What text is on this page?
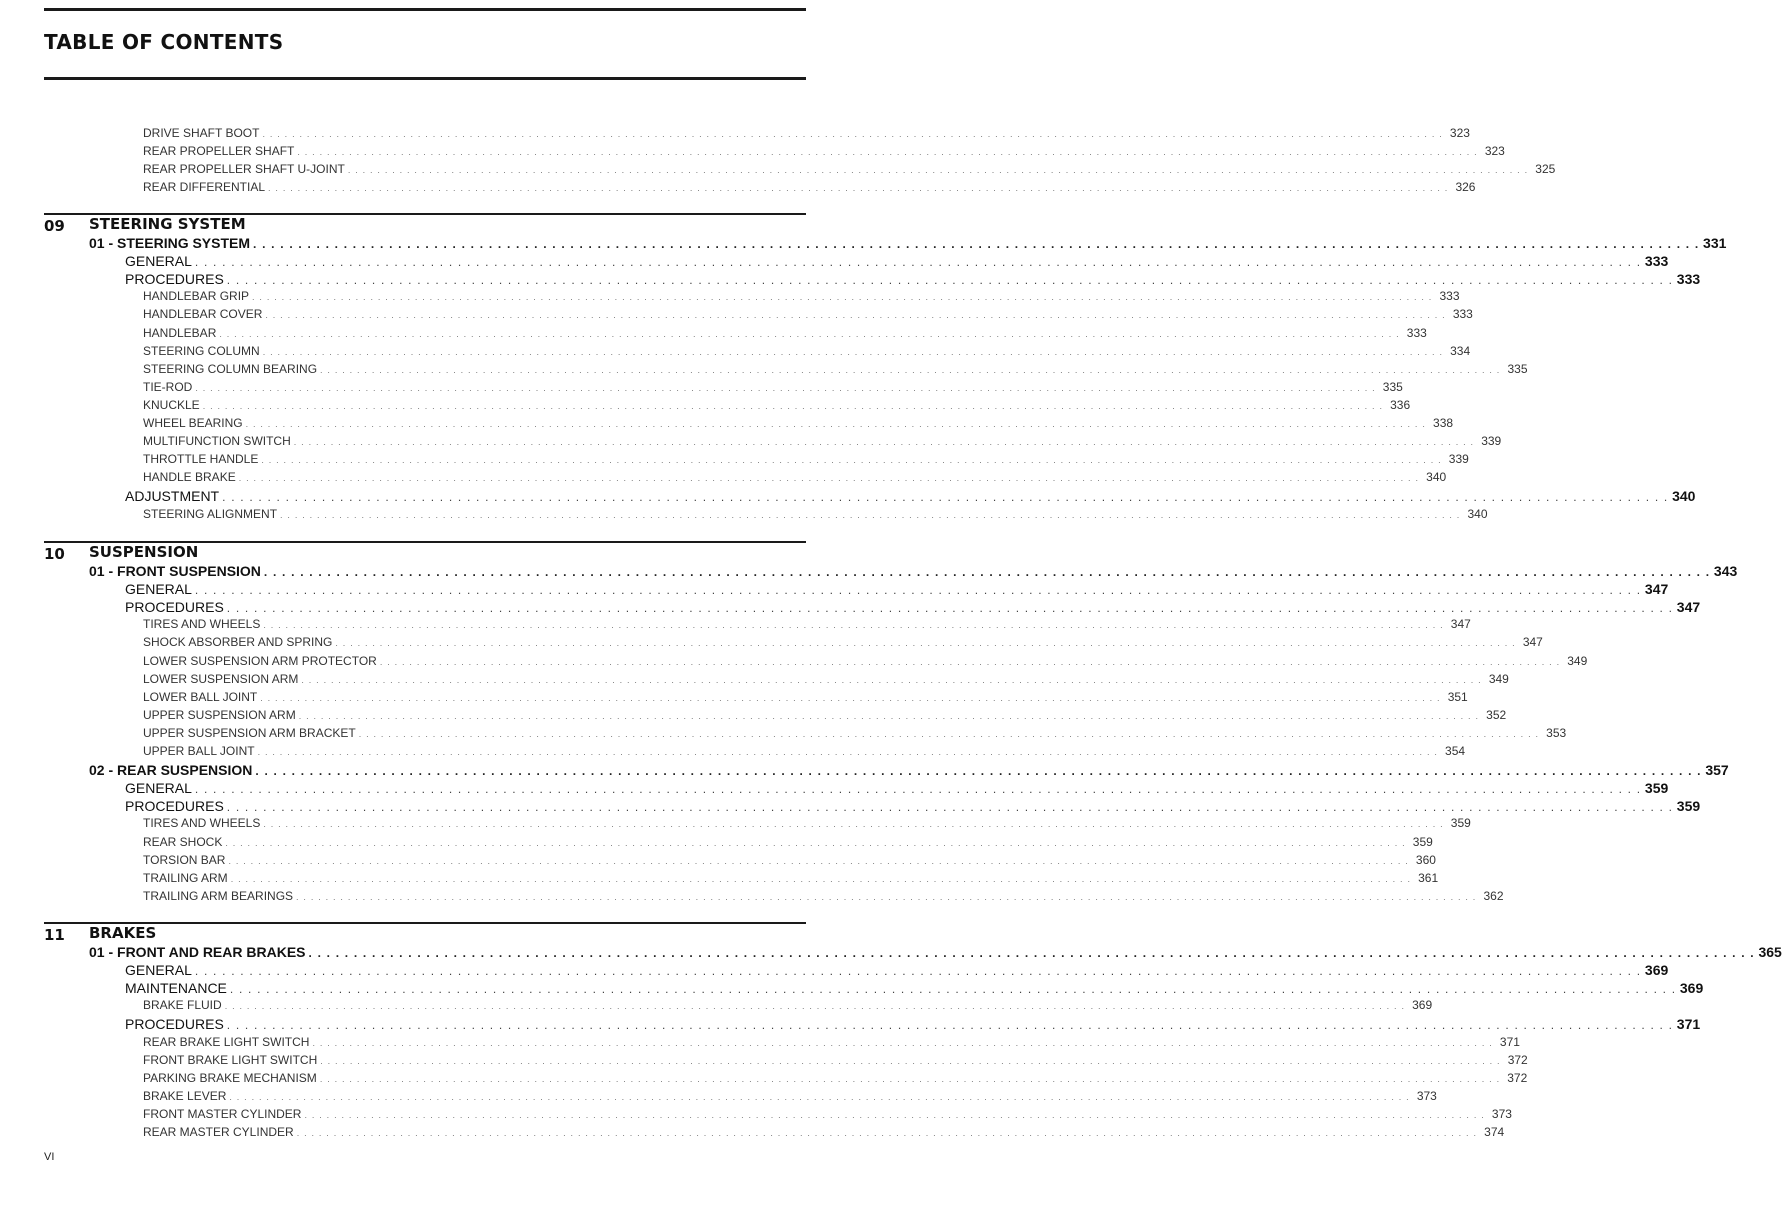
TABLE OF CONTENTS
DRIVE SHAFT BOOT . . . . . . . . . . . . . . . . . . . . . . . . . . . . . . . . . . . . . . . . . . . . . . . . . . . . . . . . . . . . . . . . . . . . . . . . . . . . . . . . . . . . . . . . . . . . . . . . . . . . . . . . . . . . . . . . . . . . . . . . . . . . . . . . . . . . . . . . . . . . . . . . . . . . . . . . . . . . . . . . 323
REAR PROPELLER SHAFT . . . . . . . . . . . . . . . . . . . . . . . . . . . . . . . . . . . . . . . . . . . . . . . . . . . . . . . . . . . . . . . . . . . . . . . . . . . . . . . . . . . . . . . . . . . . . . . . . . . . . . . . . . . . . . . . . . . . . . . . . . . . . . . . . . . . . . . . . . . . . . . . . . . . . . . . . . . . . . . . 323
REAR PROPELLER SHAFT U-JOINT . . . . . . . . . . . . . . . . . . . . . . . . . . . . . . . . . . . . . . . . . . . . . . . . . . . . . . . . . . . . . . . . . . . . . . . . . . . . . . . . . . . . . . . . . . . . . . . . . . . . . . . . . . . . . . . . . . . . . . . . . . . . . . . . . . . . . . . . . . . . . . . . . . . . . . . . . . . . . . . . 325
REAR DIFFERENTIAL . . . . . . . . . . . . . . . . . . . . . . . . . . . . . . . . . . . . . . . . . . . . . . . . . . . . . . . . . . . . . . . . . . . . . . . . . . . . . . . . . . . . . . . . . . . . . . . . . . . . . . . . . . . . . . . . . . . . . . . . . . . . . . . . . . . . . . . . . . . . . . . . . . . . . . . . . . . . . . . . 326
09 STEERING SYSTEM
01 - STEERING SYSTEM . . . . . . . . . . . . . . . . . . . . . . . . . . . . . . . . . . . . . . . . . . . . . . . . . . . . . . . . . . . . . . . . . . . . . . . . . . . . . . . . . . . . . . . . . . . . . . . . . . . . . . . . . . . . . . . . . . . . . . . . . . . . . . . . . . . . . . . . . . . . . . . . . . . . . . . . . . . . . . . . 331
GENERAL . . . . . . . . . . . . . . . . . . . . . . . . . . . . . . . . . . . . . . . . . . . . . . . . . . . . . . . . . . . . . . . . . . . . . . . . . . . . . . . . . . . . . . . . . . . . . . . . . . . . . . . . . . . . . . . . . . . . . . . . . . . . . . . . . . . . . . . . . . . . . . . . . . . . . . . . . . . . . . . . 333
PROCEDURES . . . . . . . . . . . . . . . . . . . . . . . . . . . . . . . . . . . . . . . . . . . . . . . . . . . . . . . . . . . . . . . . . . . . . . . . . . . . . . . . . . . . . . . . . . . . . . . . . . . . . . . . . . . . . . . . . . . . . . . . . . . . . . . . . . . . . . . . . . . . . . . . . . . . . . . . . . . . . . . . 333
HANDLEBAR GRIP . . . . . . . . . . . . . . . . . . . . . . . . . . . . . . . . . . . . . . . . . . . . . . . . . . . . . . . . . . . . . . . . . . . . . . . . . . . . . . . . . . . . . . . . . . . . . . . . . . . . . . . . . . . . . . . . . . . . . . . . . . . . . . . . . . . . . . . . . . . . . . . . . . . . . . . . . . . . . . . . 333
HANDLEBAR COVER . . . . . . . . . . . . . . . . . . . . . . . . . . . . . . . . . . . . . . . . . . . . . . . . . . . . . . . . . . . . . . . . . . . . . . . . . . . . . . . . . . . . . . . . . . . . . . . . . . . . . . . . . . . . . . . . . . . . . . . . . . . . . . . . . . . . . . . . . . . . . . . . . . . . . . . . . . . . . . . . 333
HANDLEBAR . . . . . . . . . . . . . . . . . . . . . . . . . . . . . . . . . . . . . . . . . . . . . . . . . . . . . . . . . . . . . . . . . . . . . . . . . . . . . . . . . . . . . . . . . . . . . . . . . . . . . . . . . . . . . . . . . . . . . . . . . . . . . . . . . . . . . . . . . . . . . . . . . . . . . . . . . . . . . . . . 333
STEERING COLUMN . . . . . . . . . . . . . . . . . . . . . . . . . . . . . . . . . . . . . . . . . . . . . . . . . . . . . . . . . . . . . . . . . . . . . . . . . . . . . . . . . . . . . . . . . . . . . . . . . . . . . . . . . . . . . . . . . . . . . . . . . . . . . . . . . . . . . . . . . . . . . . . . . . . . . . . . . . . . . . . . 334
STEERING COLUMN BEARING . . . . . . . . . . . . . . . . . . . . . . . . . . . . . . . . . . . . . . . . . . . . . . . . . . . . . . . . . . . . . . . . . . . . . . . . . . . . . . . . . . . . . . . . . . . . . . . . . . . . . . . . . . . . . . . . . . . . . . . . . . . . . . . . . . . . . . . . . . . . . . . . . . . . . . . . . . . . . . . . 335
TIE-ROD . . . . . . . . . . . . . . . . . . . . . . . . . . . . . . . . . . . . . . . . . . . . . . . . . . . . . . . . . . . . . . . . . . . . . . . . . . . . . . . . . . . . . . . . . . . . . . . . . . . . . . . . . . . . . . . . . . . . . . . . . . . . . . . . . . . . . . . . . . . . . . . . . . . . . . . . . . . . . . . . 335
KNUCKLE . . . . . . . . . . . . . . . . . . . . . . . . . . . . . . . . . . . . . . . . . . . . . . . . . . . . . . . . . . . . . . . . . . . . . . . . . . . . . . . . . . . . . . . . . . . . . . . . . . . . . . . . . . . . . . . . . . . . . . . . . . . . . . . . . . . . . . . . . . . . . . . . . . . . . . . . . . . . . . . . 336
WHEEL BEARING . . . . . . . . . . . . . . . . . . . . . . . . . . . . . . . . . . . . . . . . . . . . . . . . . . . . . . . . . . . . . . . . . . . . . . . . . . . . . . . . . . . . . . . . . . . . . . . . . . . . . . . . . . . . . . . . . . . . . . . . . . . . . . . . . . . . . . . . . . . . . . . . . . . . . . . . . . . . . . . . 338
MULTIFUNCTION SWITCH . . . . . . . . . . . . . . . . . . . . . . . . . . . . . . . . . . . . . . . . . . . . . . . . . . . . . . . . . . . . . . . . . . . . . . . . . . . . . . . . . . . . . . . . . . . . . . . . . . . . . . . . . . . . . . . . . . . . . . . . . . . . . . . . . . . . . . . . . . . . . . . . . . . . . . . . . . . . . . . . 339
THROTTLE HANDLE . . . . . . . . . . . . . . . . . . . . . . . . . . . . . . . . . . . . . . . . . . . . . . . . . . . . . . . . . . . . . . . . . . . . . . . . . . . . . . . . . . . . . . . . . . . . . . . . . . . . . . . . . . . . . . . . . . . . . . . . . . . . . . . . . . . . . . . . . . . . . . . . . . . . . . . . . . . . . . . . 339
HANDLE BRAKE . . . . . . . . . . . . . . . . . . . . . . . . . . . . . . . . . . . . . . . . . . . . . . . . . . . . . . . . . . . . . . . . . . . . . . . . . . . . . . . . . . . . . . . . . . . . . . . . . . . . . . . . . . . . . . . . . . . . . . . . . . . . . . . . . . . . . . . . . . . . . . . . . . . . . . . . . . . . . . . . 340
ADJUSTMENT . . . . . . . . . . . . . . . . . . . . . . . . . . . . . . . . . . . . . . . . . . . . . . . . . . . . . . . . . . . . . . . . . . . . . . . . . . . . . . . . . . . . . . . . . . . . . . . . . . . . . . . . . . . . . . . . . . . . . . . . . . . . . . . . . . . . . . . . . . . . . . . . . . . . . . . . . . . . . . . . 340
STEERING ALIGNMENT . . . . . . . . . . . . . . . . . . . . . . . . . . . . . . . . . . . . . . . . . . . . . . . . . . . . . . . . . . . . . . . . . . . . . . . . . . . . . . . . . . . . . . . . . . . . . . . . . . . . . . . . . . . . . . . . . . . . . . . . . . . . . . . . . . . . . . . . . . . . . . . . . . . . . . . . . . . . . . . . 340
10 SUSPENSION
01 - FRONT SUSPENSION . . . . . . . . . . . . . . . . . . . . . . . . . . . . . . . . . . . . . . . . . . . . . . . . . . . . . . . . . . . . . . . . . . . . . . . . . . . . . . . . . . . . . . . . . . . . . . . . . . . . . . . . . . . . . . . . . . . . . . . . . . . . . . . . . . . . . . . . . . . . . . . . . . . . . . . . . . . . . . . . 343
GENERAL . . . . . . . . . . . . . . . . . . . . . . . . . . . . . . . . . . . . . . . . . . . . . . . . . . . . . . . . . . . . . . . . . . . . . . . . . . . . . . . . . . . . . . . . . . . . . . . . . . . . . . . . . . . . . . . . . . . . . . . . . . . . . . . . . . . . . . . . . . . . . . . . . . . . . . . . . . . . . . . . 347
PROCEDURES . . . . . . . . . . . . . . . . . . . . . . . . . . . . . . . . . . . . . . . . . . . . . . . . . . . . . . . . . . . . . . . . . . . . . . . . . . . . . . . . . . . . . . . . . . . . . . . . . . . . . . . . . . . . . . . . . . . . . . . . . . . . . . . . . . . . . . . . . . . . . . . . . . . . . . . . . . . . . . . . 347
TIRES AND WHEELS . . . . . . . . . . . . . . . . . . . . . . . . . . . . . . . . . . . . . . . . . . . . . . . . . . . . . . . . . . . . . . . . . . . . . . . . . . . . . . . . . . . . . . . . . . . . . . . . . . . . . . . . . . . . . . . . . . . . . . . . . . . . . . . . . . . . . . . . . . . . . . . . . . . . . . . . . . . . . . . . 347
SHOCK ABSORBER AND SPRING . . . . . . . . . . . . . . . . . . . . . . . . . . . . . . . . . . . . . . . . . . . . . . . . . . . . . . . . . . . . . . . . . . . . . . . . . . . . . . . . . . . . . . . . . . . . . . . . . . . . . . . . . . . . . . . . . . . . . . . . . . . . . . . . . . . . . . . . . . . . . . . . . . . . . . . . . . . . . . . . 347
LOWER SUSPENSION ARM PROTECTOR . . . . . . . . . . . . . . . . . . . . . . . . . . . . . . . . . . . . . . . . . . . . . . . . . . . . . . . . . . . . . . . . . . . . . . . . . . . . . . . . . . . . . . . . . . . . . . . . . . . . . . . . . . . . . . . . . . . . . . . . . . . . . . . . . . . . . . . . . . . . . . . . . . . . . . . . . . . . . . . . 349
LOWER SUSPENSION ARM . . . . . . . . . . . . . . . . . . . . . . . . . . . . . . . . . . . . . . . . . . . . . . . . . . . . . . . . . . . . . . . . . . . . . . . . . . . . . . . . . . . . . . . . . . . . . . . . . . . . . . . . . . . . . . . . . . . . . . . . . . . . . . . . . . . . . . . . . . . . . . . . . . . . . . . . . . . . . . . . 349
LOWER BALL JOINT . . . . . . . . . . . . . . . . . . . . . . . . . . . . . . . . . . . . . . . . . . . . . . . . . . . . . . . . . . . . . . . . . . . . . . . . . . . . . . . . . . . . . . . . . . . . . . . . . . . . . . . . . . . . . . . . . . . . . . . . . . . . . . . . . . . . . . . . . . . . . . . . . . . . . . . . . . . . . . . . 351
UPPER SUSPENSION ARM . . . . . . . . . . . . . . . . . . . . . . . . . . . . . . . . . . . . . . . . . . . . . . . . . . . . . . . . . . . . . . . . . . . . . . . . . . . . . . . . . . . . . . . . . . . . . . . . . . . . . . . . . . . . . . . . . . . . . . . . . . . . . . . . . . . . . . . . . . . . . . . . . . . . . . . . . . . . . . . . 352
UPPER SUSPENSION ARM BRACKET . . . . . . . . . . . . . . . . . . . . . . . . . . . . . . . . . . . . . . . . . . . . . . . . . . . . . . . . . . . . . . . . . . . . . . . . . . . . . . . . . . . . . . . . . . . . . . . . . . . . . . . . . . . . . . . . . . . . . . . . . . . . . . . . . . . . . . . . . . . . . . . . . . . . . . . . . . . . . . . . 353
UPPER BALL JOINT . . . . . . . . . . . . . . . . . . . . . . . . . . . . . . . . . . . . . . . . . . . . . . . . . . . . . . . . . . . . . . . . . . . . . . . . . . . . . . . . . . . . . . . . . . . . . . . . . . . . . . . . . . . . . . . . . . . . . . . . . . . . . . . . . . . . . . . . . . . . . . . . . . . . . . . . . . . . . . . . 354
02 - REAR SUSPENSION . . . . . . . . . . . . . . . . . . . . . . . . . . . . . . . . . . . . . . . . . . . . . . . . . . . . . . . . . . . . . . . . . . . . . . . . . . . . . . . . . . . . . . . . . . . . . . . . . . . . . . . . . . . . . . . . . . . . . . . . . . . . . . . . . . . . . . . . . . . . . . . . . . . . . . . . . . . . . . . . 357
GENERAL . . . . . . . . . . . . . . . . . . . . . . . . . . . . . . . . . . . . . . . . . . . . . . . . . . . . . . . . . . . . . . . . . . . . . . . . . . . . . . . . . . . . . . . . . . . . . . . . . . . . . . . . . . . . . . . . . . . . . . . . . . . . . . . . . . . . . . . . . . . . . . . . . . . . . . . . . . . . . . . . 359
PROCEDURES . . . . . . . . . . . . . . . . . . . . . . . . . . . . . . . . . . . . . . . . . . . . . . . . . . . . . . . . . . . . . . . . . . . . . . . . . . . . . . . . . . . . . . . . . . . . . . . . . . . . . . . . . . . . . . . . . . . . . . . . . . . . . . . . . . . . . . . . . . . . . . . . . . . . . . . . . . . . . . . . 359
TIRES AND WHEELS . . . . . . . . . . . . . . . . . . . . . . . . . . . . . . . . . . . . . . . . . . . . . . . . . . . . . . . . . . . . . . . . . . . . . . . . . . . . . . . . . . . . . . . . . . . . . . . . . . . . . . . . . . . . . . . . . . . . . . . . . . . . . . . . . . . . . . . . . . . . . . . . . . . . . . . . . . . . . . . . 359
REAR SHOCK . . . . . . . . . . . . . . . . . . . . . . . . . . . . . . . . . . . . . . . . . . . . . . . . . . . . . . . . . . . . . . . . . . . . . . . . . . . . . . . . . . . . . . . . . . . . . . . . . . . . . . . . . . . . . . . . . . . . . . . . . . . . . . . . . . . . . . . . . . . . . . . . . . . . . . . . . . . . . . . . 359
TORSION BAR . . . . . . . . . . . . . . . . . . . . . . . . . . . . . . . . . . . . . . . . . . . . . . . . . . . . . . . . . . . . . . . . . . . . . . . . . . . . . . . . . . . . . . . . . . . . . . . . . . . . . . . . . . . . . . . . . . . . . . . . . . . . . . . . . . . . . . . . . . . . . . . . . . . . . . . . . . . . . . . . 360
TRAILING ARM . . . . . . . . . . . . . . . . . . . . . . . . . . . . . . . . . . . . . . . . . . . . . . . . . . . . . . . . . . . . . . . . . . . . . . . . . . . . . . . . . . . . . . . . . . . . . . . . . . . . . . . . . . . . . . . . . . . . . . . . . . . . . . . . . . . . . . . . . . . . . . . . . . . . . . . . . . . . . . . . 361
TRAILING ARM BEARINGS . . . . . . . . . . . . . . . . . . . . . . . . . . . . . . . . . . . . . . . . . . . . . . . . . . . . . . . . . . . . . . . . . . . . . . . . . . . . . . . . . . . . . . . . . . . . . . . . . . . . . . . . . . . . . . . . . . . . . . . . . . . . . . . . . . . . . . . . . . . . . . . . . . . . . . . . . . . . . . . . 362
11 BRAKES
01 - FRONT AND REAR BRAKES . . . . . . . . . . . . . . . . . . . . . . . . . . . . . . . . . . . . . . . . . . . . . . . . . . . . . . . . . . . . . . . . . . . . . . . . . . . . . . . . . . . . . . . . . . . . . . . . . . . . . . . . . . . . . . . . . . . . . . . . . . . . . . . . . . . . . . . . . . . . . . . . . . . . . . . . . . . . . . . . 365
GENERAL . . . . . . . . . . . . . . . . . . . . . . . . . . . . . . . . . . . . . . . . . . . . . . . . . . . . . . . . . . . . . . . . . . . . . . . . . . . . . . . . . . . . . . . . . . . . . . . . . . . . . . . . . . . . . . . . . . . . . . . . . . . . . . . . . . . . . . . . . . . . . . . . . . . . . . . . . . . . . . . . 369
MAINTENANCE . . . . . . . . . . . . . . . . . . . . . . . . . . . . . . . . . . . . . . . . . . . . . . . . . . . . . . . . . . . . . . . . . . . . . . . . . . . . . . . . . . . . . . . . . . . . . . . . . . . . . . . . . . . . . . . . . . . . . . . . . . . . . . . . . . . . . . . . . . . . . . . . . . . . . . . . . . . . . . . . 369
BRAKE FLUID . . . . . . . . . . . . . . . . . . . . . . . . . . . . . . . . . . . . . . . . . . . . . . . . . . . . . . . . . . . . . . . . . . . . . . . . . . . . . . . . . . . . . . . . . . . . . . . . . . . . . . . . . . . . . . . . . . . . . . . . . . . . . . . . . . . . . . . . . . . . . . . . . . . . . . . . . . . . . . . . 369
PROCEDURES . . . . . . . . . . . . . . . . . . . . . . . . . . . . . . . . . . . . . . . . . . . . . . . . . . . . . . . . . . . . . . . . . . . . . . . . . . . . . . . . . . . . . . . . . . . . . . . . . . . . . . . . . . . . . . . . . . . . . . . . . . . . . . . . . . . . . . . . . . . . . . . . . . . . . . . . . . . . . . . . 371
REAR BRAKE LIGHT SWITCH . . . . . . . . . . . . . . . . . . . . . . . . . . . . . . . . . . . . . . . . . . . . . . . . . . . . . . . . . . . . . . . . . . . . . . . . . . . . . . . . . . . . . . . . . . . . . . . . . . . . . . . . . . . . . . . . . . . . . . . . . . . . . . . . . . . . . . . . . . . . . . . . . . . . . . . . . . . . . . . . 371
FRONT BRAKE LIGHT SWITCH . . . . . . . . . . . . . . . . . . . . . . . . . . . . . . . . . . . . . . . . . . . . . . . . . . . . . . . . . . . . . . . . . . . . . . . . . . . . . . . . . . . . . . . . . . . . . . . . . . . . . . . . . . . . . . . . . . . . . . . . . . . . . . . . . . . . . . . . . . . . . . . . . . . . . . . . . . . . . . . . 372
PARKING BRAKE MECHANISM . . . . . . . . . . . . . . . . . . . . . . . . . . . . . . . . . . . . . . . . . . . . . . . . . . . . . . . . . . . . . . . . . . . . . . . . . . . . . . . . . . . . . . . . . . . . . . . . . . . . . . . . . . . . . . . . . . . . . . . . . . . . . . . . . . . . . . . . . . . . . . . . . . . . . . . . . . . . . . . . 372
BRAKE LEVER . . . . . . . . . . . . . . . . . . . . . . . . . . . . . . . . . . . . . . . . . . . . . . . . . . . . . . . . . . . . . . . . . . . . . . . . . . . . . . . . . . . . . . . . . . . . . . . . . . . . . . . . . . . . . . . . . . . . . . . . . . . . . . . . . . . . . . . . . . . . . . . . . . . . . . . . . . . . . . . . 373
FRONT MASTER CYLINDER . . . . . . . . . . . . . . . . . . . . . . . . . . . . . . . . . . . . . . . . . . . . . . . . . . . . . . . . . . . . . . . . . . . . . . . . . . . . . . . . . . . . . . . . . . . . . . . . . . . . . . . . . . . . . . . . . . . . . . . . . . . . . . . . . . . . . . . . . . . . . . . . . . . . . . . . . . . . . . . . 373
REAR MASTER CYLINDER . . . . . . . . . . . . . . . . . . . . . . . . . . . . . . . . . . . . . . . . . . . . . . . . . . . . . . . . . . . . . . . . . . . . . . . . . . . . . . . . . . . . . . . . . . . . . . . . . . . . . . . . . . . . . . . . . . . . . . . . . . . . . . . . . . . . . . . . . . . . . . . . . . . . . . . . . . . . . . . . 374
VI
